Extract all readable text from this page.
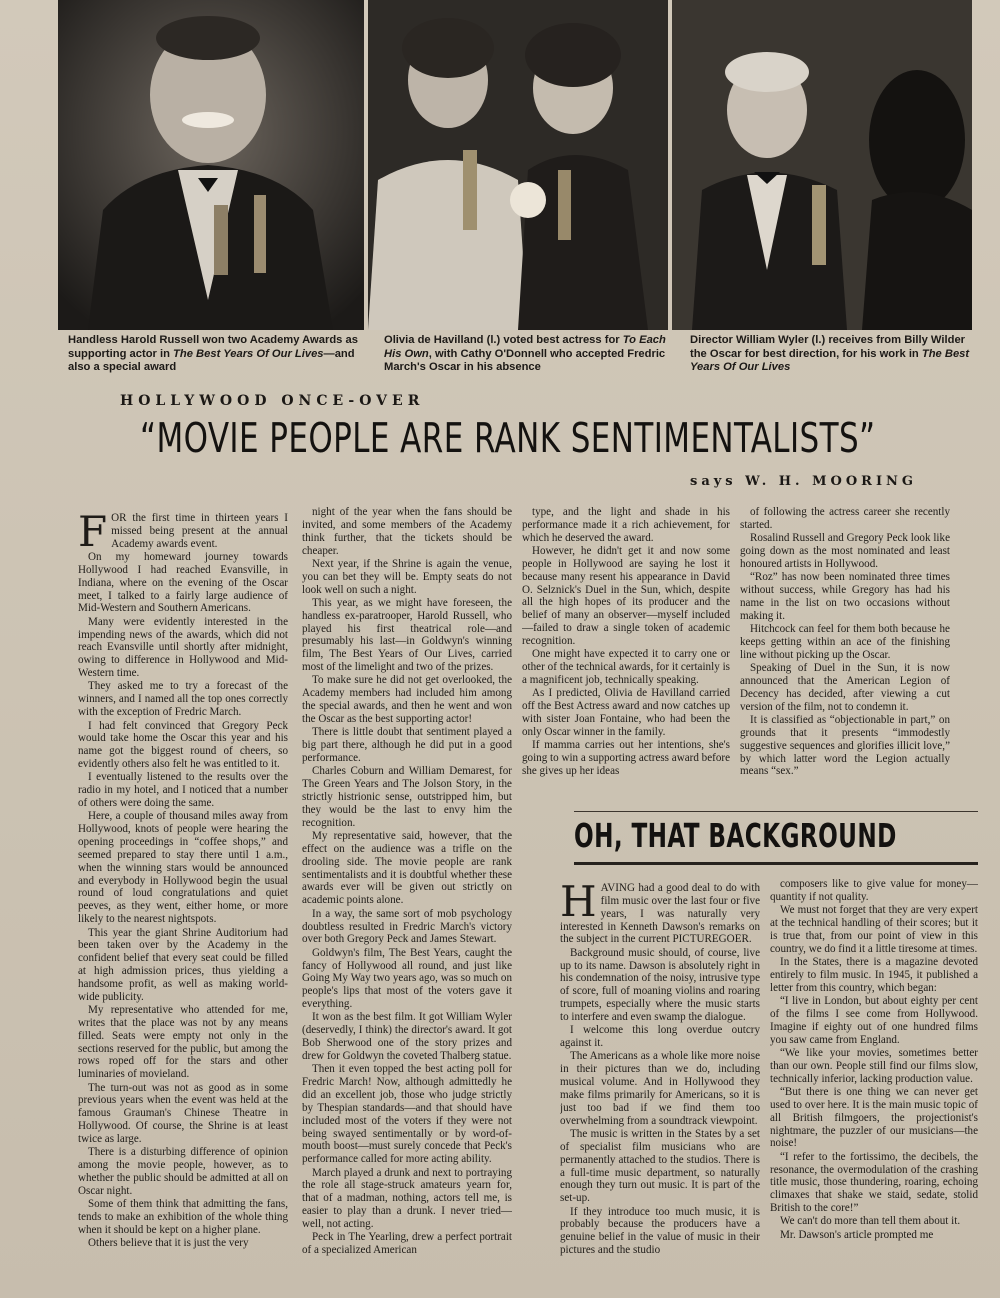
Handless Harold Russell won two Academy Awards as supporting actor in The Best Years Of Our Lives—and also a special award
Olivia de Havilland (l.) voted best actress for To Each His Own, with Cathy O'Donnell who accepted Fredric March's Oscar in his absence
Director William Wyler (l.) receives from Billy Wilder the Oscar for best direction, for his work in The Best Years Of Our Lives
HOLLYWOOD ONCE-OVER
“MOVIE PEOPLE ARE RANK SENTIMENTALISTS”
says W. H. MOORING

FOR the first time in thirteen years I missed being present at the annual Academy awards event.

On my homeward journey towards Hollywood I had reached Evansville, in Indiana, where on the evening of the Oscar meet, I talked to a fairly large audience of Mid-Western and Southern Americans.

Many were evidently interested in the impending news of the awards, which did not reach Evansville until shortly after midnight, owing to difference in Hollywood and Mid-Western time.

They asked me to try a forecast of the winners, and I named all the top ones correctly with the exception of Fredric March.

I had felt convinced that Gregory Peck would take home the Oscar this year and his name got the biggest round of cheers, so evidently others also felt he was entitled to it.

I eventually listened to the results over the radio in my hotel, and I noticed that a number of others were doing the same.

Here, a couple of thousand miles away from Hollywood, knots of people were hearing the opening proceedings in “coffee shops,” and seemed prepared to stay there until 1 a.m., when the winning stars would be announced and everybody in Hollywood begin the usual round of loud congratulations and quiet peeves, as they went, either home, or more likely to the nearest nightspots.

This year the giant Shrine Auditorium had been taken over by the Academy in the confident belief that every seat could be filled at high admission prices, thus yielding a handsome profit, as well as making world-wide publicity.

My representative who attended for me, writes that the place was not by any means filled. Seats were empty not only in the sections reserved for the public, but among the rows roped off for the stars and other luminaries of movieland.

The turn-out was not as good as in some previous years when the event was held at the famous Grauman's Chinese Theatre in Hollywood. Of course, the Shrine is at least twice as large.

There is a disturbing difference of opinion among the movie people, however, as to whether the public should be admitted at all on Oscar night.

Some of them think that admitting the fans, tends to make an exhibition of the whole thing when it should be kept on a higher plane.

Others believe that it is just the very

night of the year when the fans should be invited, and some members of the Academy think further, that the tickets should be cheaper.

Next year, if the Shrine is again the venue, you can bet they will be. Empty seats do not look well on such a night.

This year, as we might have foreseen, the handless ex-paratrooper, Harold Russell, who played his first theatrical role—and presumably his last—in Goldwyn's winning film, The Best Years of Our Lives, carried most of the limelight and two of the prizes.

To make sure he did not get overlooked, the Academy members had included him among the special awards, and then he went and won the Oscar as the best supporting actor!

There is little doubt that sentiment played a big part there, although he did put in a good performance.

Charles Coburn and William Demarest, for The Green Years and The Jolson Story, in the strictly histrionic sense, outstripped him, but they would be the last to envy him the recognition.

My representative said, however, that the effect on the audience was a trifle on the drooling side. The movie people are rank sentimentalists and it is doubtful whether these awards ever will be given out strictly on academic points alone.

In a way, the same sort of mob psychology doubtless resulted in Fredric March's victory over both Gregory Peck and James Stewart.

Goldwyn's film, The Best Years, caught the fancy of Hollywood all round, and just like Going My Way two years ago, was so much on people's lips that most of the voters gave it everything.

It won as the best film. It got William Wyler (deservedly, I think) the director's award. It got Bob Sherwood one of the story prizes and drew for Goldwyn the coveted Thalberg statue.

Then it even topped the best acting poll for Fredric March! Now, although admittedly he did an excellent job, those who judge strictly by Thespian standards—and that should have included most of the voters if they were not being swayed sentimentally or by word-of-mouth boost—must surely concede that Peck's performance called for more acting ability.

March played a drunk and next to portraying the role all stage-struck amateurs yearn for, that of a madman, nothing, actors tell me, is easier to play than a drunk. I never tried—well, not acting.

Peck in The Yearling, drew a perfect portrait of a specialized American

type, and the light and shade in his performance made it a rich achievement, for which he deserved the award.

However, he didn't get it and now some people in Hollywood are saying he lost it because many resent his appearance in David O. Selznick's Duel in the Sun, which, despite all the high hopes of its producer and the belief of many an observer—myself included—failed to draw a single token of academic recognition.

One might have expected it to carry one or other of the technical awards, for it certainly is a magnificent job, technically speaking.

As I predicted, Olivia de Havilland carried off the Best Actress award and now catches up with sister Joan Fontaine, who had been the only Oscar winner in the family.

If mamma carries out her intentions, she's going to win a supporting actress award before she gives up her ideas

of following the actress career she recently started.

Rosalind Russell and Gregory Peck look like going down as the most nominated and least honoured artists in Hollywood.

“Roz” has now been nominated three times without success, while Gregory has had his name in the list on two occasions without making it.

Hitchcock can feel for them both because he keeps getting within an ace of the finishing line without picking up the Oscar.

Speaking of Duel in the Sun, it is now announced that the American Legion of Decency has decided, after viewing a cut version of the film, not to condemn it.

It is classified as “objectionable in part,” on grounds that it presents “immodestly suggestive sequences and glorifies illicit love,” by which latter word the Legion actually means “sex.”

OH, THAT BACKGROUND

HAVING had a good deal to do with film music over the last four or five years, I was naturally very interested in Kenneth Dawson's remarks on the subject in the current PICTUREGOER.

Background music should, of course, live up to its name. Dawson is absolutely right in his condemnation of the noisy, intrusive type of score, full of moaning violins and roaring trumpets, especially where the music starts to interfere and even swamp the dialogue.

I welcome this long overdue outcry against it.

The Americans as a whole like more noise in their pictures than we do, including musical volume. And in Hollywood they make films primarily for Americans, so it is just too bad if we find them too overwhelming from a soundtrack viewpoint.

The music is written in the States by a set of specialist film musicians who are permanently attached to the studios. There is a full-time music department, so naturally enough they turn out music. It is part of the set-up.

If they introduce too much music, it is probably because the producers have a genuine belief in the value of music in their pictures and the studio

composers like to give value for money—quantity if not quality.

We must not forget that they are very expert at the technical handling of their scores; but it is true that, from our point of view in this country, we do find it a little tiresome at times.

In the States, there is a magazine devoted entirely to film music. In 1945, it published a letter from this country, which began:

“I live in London, but about eighty per cent of the films I see come from Hollywood. Imagine if eighty out of one hundred films you saw came from England.

“We like your movies, sometimes better than our own. People still find our films slow, technically inferior, lacking production value.

“But there is one thing we can never get used to over here. It is the main music topic of all British filmgoers, the projectionist's nightmare, the puzzler of our musicians—the noise!

“I refer to the fortissimo, the decibels, the resonance, the overmodulation of the crashing title music, those thundering, roaring, echoing climaxes that shake we staid, sedate, stolid British to the core!”

We can't do more than tell them about it.

Mr. Dawson's article prompted me
